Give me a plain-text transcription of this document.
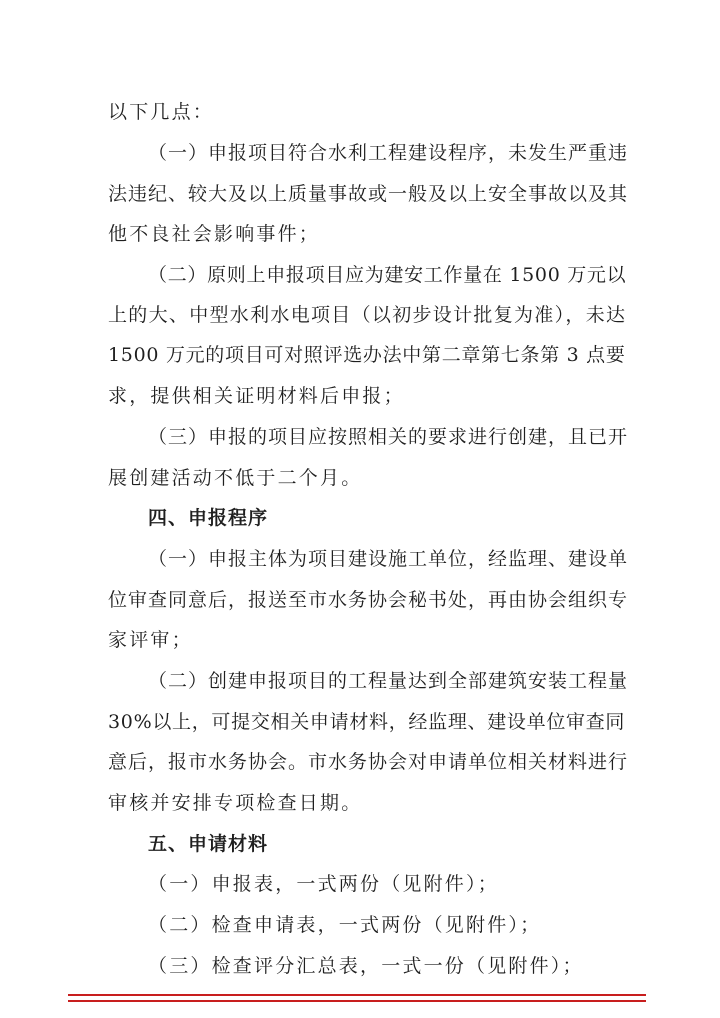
以下几点：
（一）申报项目符合水利工程建设程序，未发生严重违
法违纪、较大及以上质量事故或一般及以上安全事故以及其
他不良社会影响事件；
（二）原则上申报项目应为建安工作量在 1500 万元以
上的大、中型水利水电项目（以初步设计批复为准），未达
1500 万元的项目可对照评选办法中第二章第七条第 3 点要
求，提供相关证明材料后申报；
（三）申报的项目应按照相关的要求进行创建，且已开
展创建活动不低于二个月。
四、申报程序
（一）申报主体为项目建设施工单位，经监理、建设单
位审查同意后，报送至市水务协会秘书处，再由协会组织专
家评审；
（二）创建申报项目的工程量达到全部建筑安装工程量
30%以上，可提交相关申请材料，经监理、建设单位审查同
意后，报市水务协会。市水务协会对申请单位相关材料进行
审核并安排专项检查日期。
五、申请材料
（一）申报表，一式两份（见附件）；
（二）检查申请表，一式两份（见附件）；
（三）检查评分汇总表，一式一份（见附件）；
